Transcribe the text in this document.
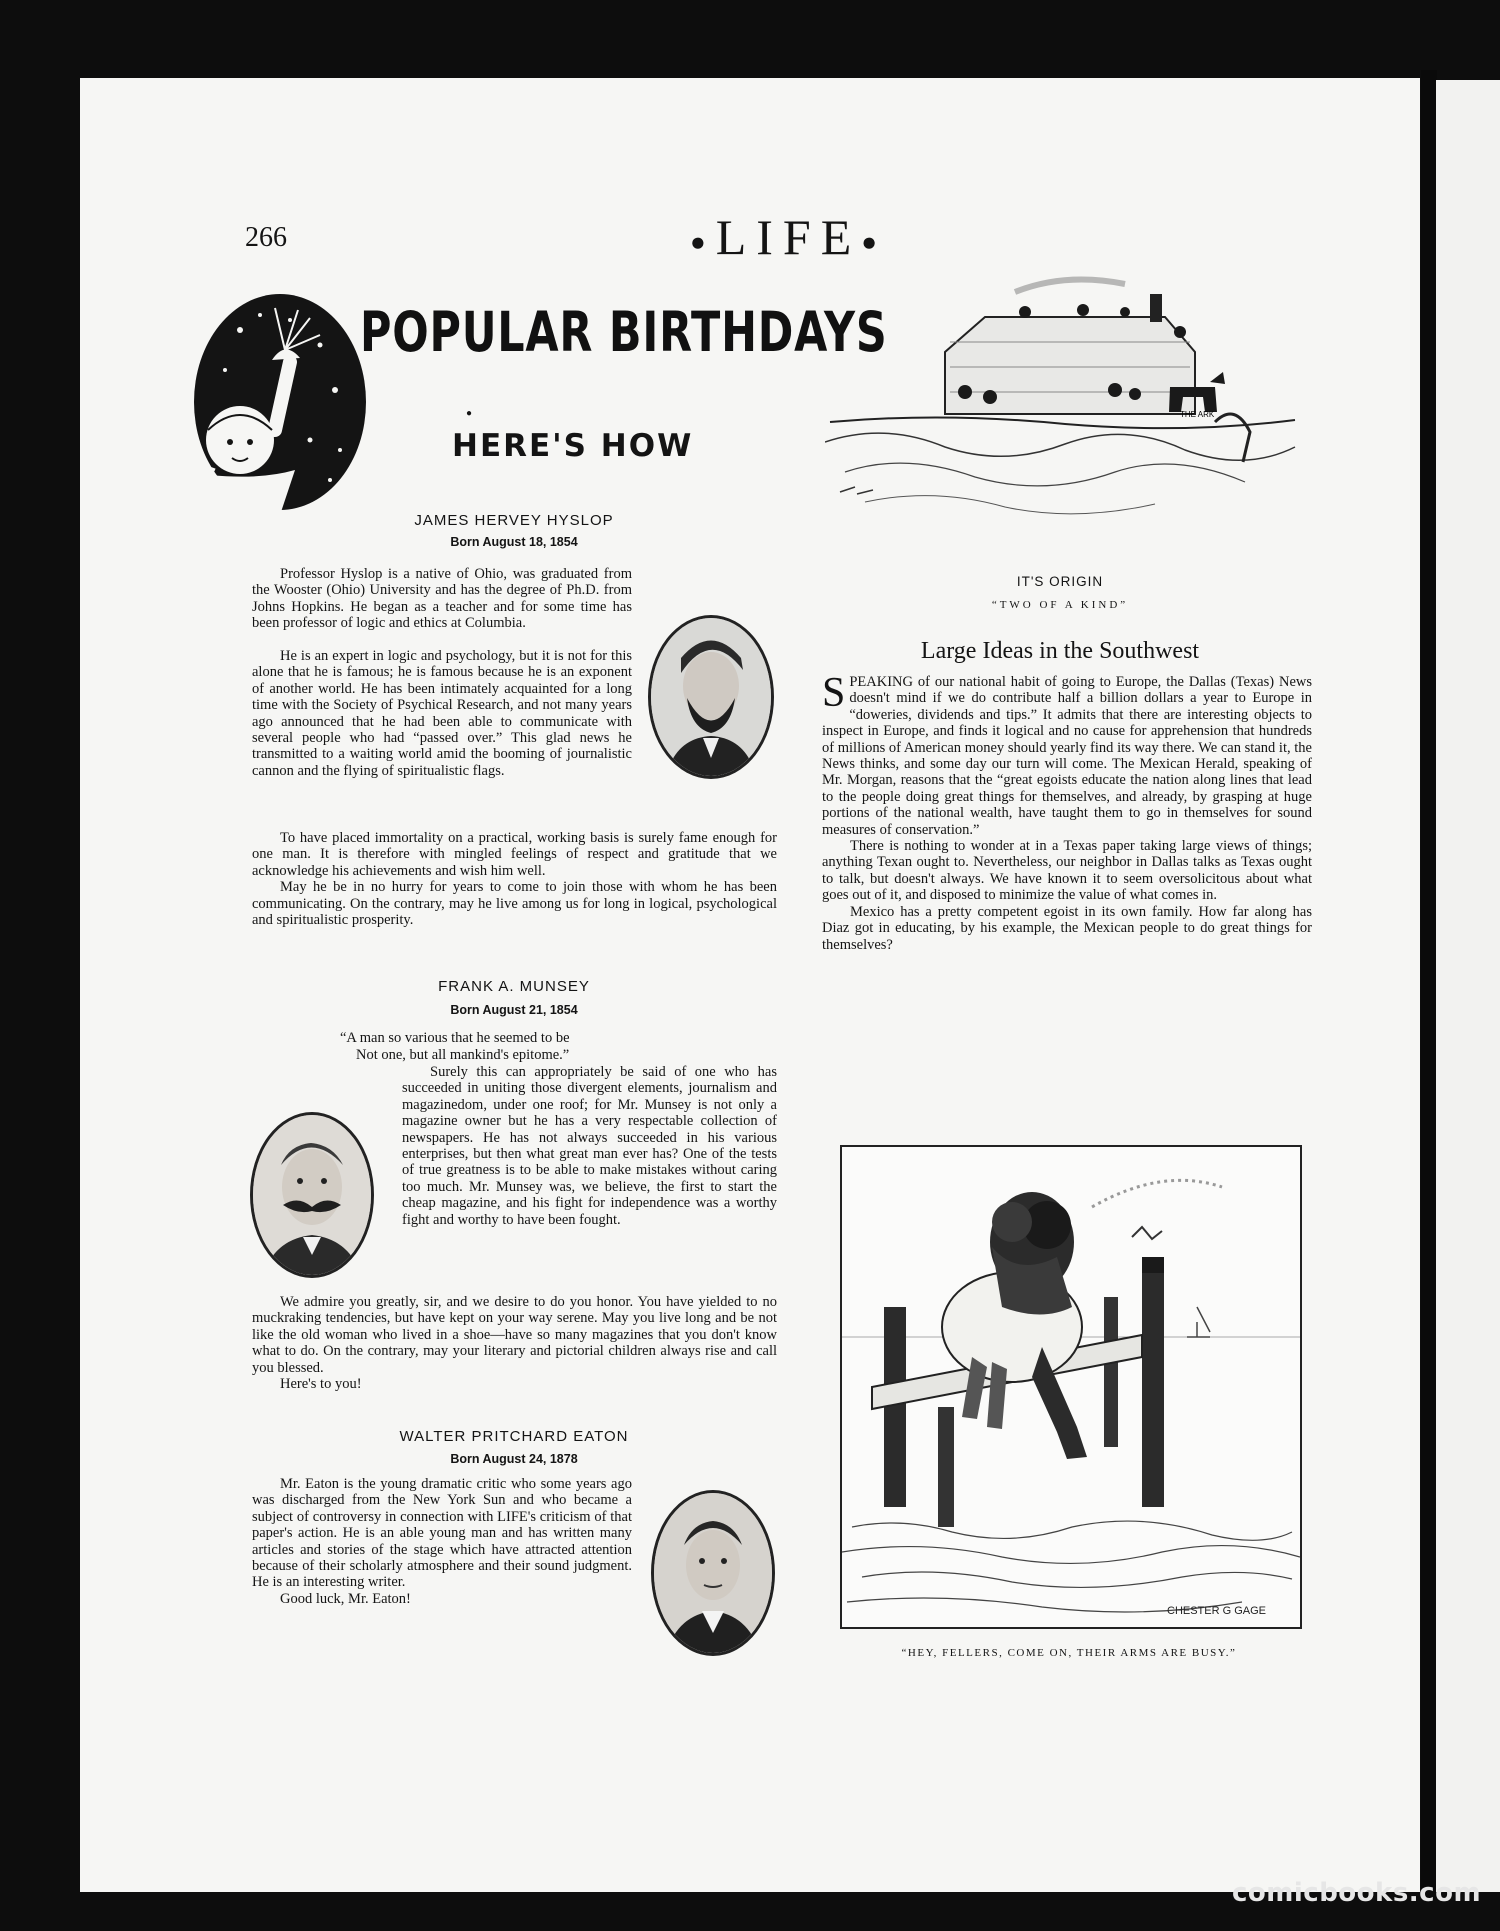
266	●LIFE●
POPULAR BIRTHDAYS
●
HERE'S HOW
JAMES HERVEY HYSLOP
Born August 18, 1854

Professor Hyslop is a native of Ohio, was graduated from the Wooster (Ohio) University and has the degree of Ph.D. from Johns Hopkins. He began as a teacher and for some time has been professor of logic and ethics at Columbia.

He is an expert in logic and psychology, but it is not for this alone that he is famous; he is famous because he is an exponent of another world. He has been intimately acquainted for a long time with the Society of Psychical Research, and not many years ago announced that he had been able to communicate with several people who had “passed over.” This glad news he transmitted to a waiting world amid the booming of journalistic cannon and the flying of spiritualistic flags.

To have placed immortality on a practical, working basis is surely fame enough for one man. It is therefore with mingled feelings of respect and gratitude that we acknowledge his achievements and wish him well.

May he be in no hurry for years to come to join those with whom he has been communicating. On the contrary, may he live among us for long in logical, psychological and spiritualistic prosperity.

FRANK A. MUNSEY
Born August 21, 1854
“A man so various that he seemed to be
Not one, but all mankind's epitome.”

Surely this can appropriately be said of one who has succeeded in uniting those divergent elements, journalism and magazinedom, under one roof; for Mr. Munsey is not only a magazine owner but he has a very respectable collection of newspapers. He has not always succeeded in his various enterprises, but then what great man ever has? One of the tests of true greatness is to be able to make mistakes without caring too much. Mr. Munsey was, we believe, the first to start the cheap magazine, and his fight for independence was a worthy fight and worthy to have been fought.

We admire you greatly, sir, and we desire to do you honor. You have yielded to no muckraking tendencies, but have kept on your way serene. May you live long and be not like the old woman who lived in a shoe—have so many magazines that you don't know what to do. On the contrary, may your literary and pictorial children always rise and call you blessed.

Here's to you!

WALTER PRITCHARD EATON
Born August 24, 1878

Mr. Eaton is the young dramatic critic who some years ago was discharged from the New York Sun and who became a subject of controversy in connection with LIFE's criticism of that paper's action. He is an able young man and has written many articles and stories of the stage which have attracted attention because of their scholarly atmosphere and their sound judgment. He is an interesting writer.

Good luck, Mr. Eaton!

THE ARK
IT'S ORIGIN
“TWO OF A KIND”
Large Ideas in the Southwest

SPEAKING of our national habit of going to Europe, the Dallas (Texas) News doesn't mind if we do contribute half a billion dollars a year to Europe in “doweries, dividends and tips.” It admits that there are interesting objects to inspect in Europe, and finds it logical and no cause for apprehension that hundreds of millions of American money should yearly find its way there. We can stand it, the News thinks, and some day our turn will come. The Mexican Herald, speaking of Mr. Morgan, reasons that the “great egoists educate the nation along lines that lead to the people doing great things for themselves, and already, by grasping at huge portions of the national wealth, have taught them to go in themselves for sound measures of conservation.”

There is nothing to wonder at in a Texas paper taking large views of things; anything Texan ought to. Nevertheless, our neighbor in Dallas talks as Texas ought to talk, but doesn't always. We have known it to seem oversolicitous about what goes out of it, and disposed to minimize the value of what comes in.

Mexico has a pretty competent egoist in its own family. How far along has Diaz got in educating, by his example, the Mexican people to do great things for themselves?

CHESTER G GAGE
“HEY, FELLERS, COME ON, THEIR ARMS ARE BUSY.”
comicbooks.com
